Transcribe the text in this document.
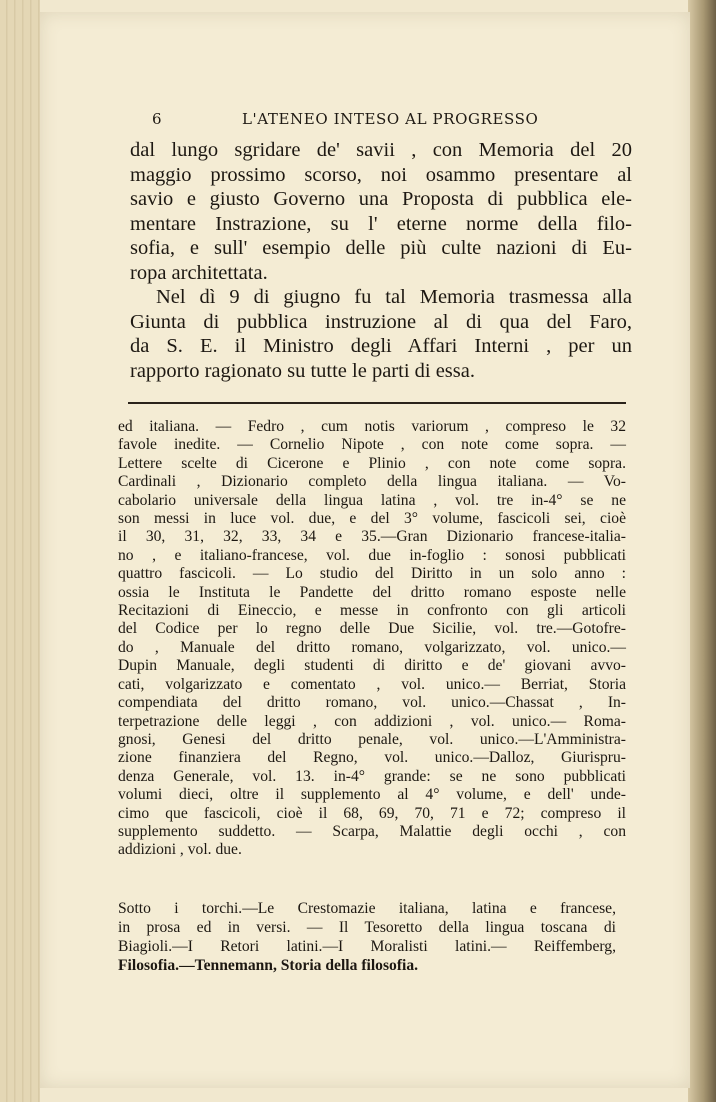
6	L'ATENEO INTESO AL PROGRESSO
dal lungo sgridare de' savii , con Memoria del 20
maggio prossimo scorso, noi osammo presentare al
savio e giusto Governo una Proposta di pubblica ele-
mentare Instrazione, su l' eterne norme della filo-
sofia, e sull' esempio delle più culte nazioni di Eu-
ropa architettata.
Nel dì 9 di giugno fu tal Memoria trasmessa alla
Giunta di pubblica instruzione al di qua del Faro,
da S. E. il Ministro degli Affari Interni , per un
rapporto ragionato su tutte le parti di essa.
ed italiana. — Fedro , cum notis variorum , compreso le 32
favole inedite. — Cornelio Nipote , con note come sopra. —
Lettere scelte di Cicerone e Plinio , con note come sopra.
Cardinali , Dizionario completo della lingua italiana. — Vo-
cabolario universale della lingua latina , vol. tre in-4° se ne
son messi in luce vol. due, e del 3° volume, fascicoli sei, cioè
il 30, 31, 32, 33, 34 e 35.—Gran Dizionario francese-italia-
no , e italiano-francese, vol. due in-foglio : sonosi pubblicati
quattro fascicoli. — Lo studio del Diritto in un solo anno :
ossia le Instituta le Pandette del dritto romano esposte nelle
Recitazioni di Eineccio, e messe in confronto con gli articoli
del Codice per lo regno delle Due Sicilie, vol. tre.—Gotofre-
do , Manuale del dritto romano, volgarizzato, vol. unico.—
Dupin Manuale, degli studenti di diritto e de' giovani avvo-
cati, volgarizzato e comentato , vol. unico.— Berriat, Storia
compendiata del dritto romano, vol. unico.—Chassat , In-
terpetrazione delle leggi , con addizioni , vol. unico.— Roma-
gnosi, Genesi del dritto penale, vol. unico.—L'Amministra-
zione finanziera del Regno, vol. unico.—Dalloz, Giurispru-
denza Generale, vol. 13. in-4° grande: se ne sono pubblicati
volumi dieci, oltre il supplemento al 4° volume, e dell' unde-
cimo que fascicoli, cioè il 68, 69, 70, 71 e 72; compreso il
supplemento suddetto. — Scarpa, Malattie degli occhi , con
addizioni , vol. due.
Sotto i torchi.—Le Crestomazie italiana, latina e francese,
in prosa ed in versi. — Il Tesoretto della lingua toscana di
Biagioli.—I Retori latini.—I Moralisti latini.— Reiffemberg,
Filosofia.—Tennemann, Storia della filosofia.
